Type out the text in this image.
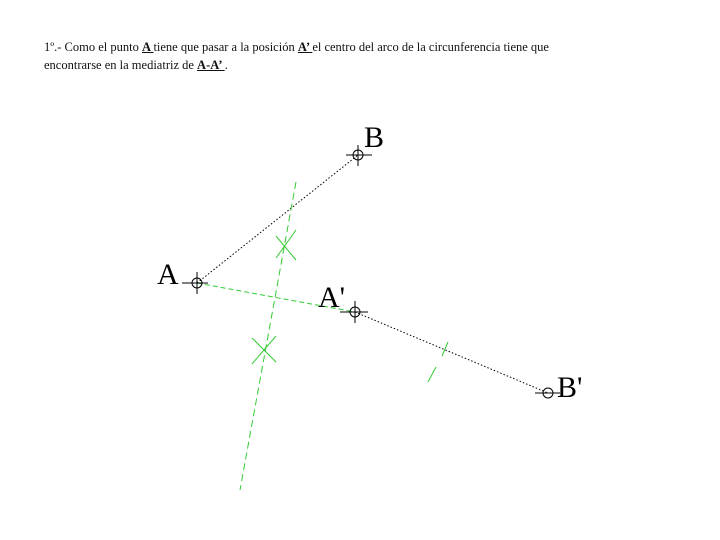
1º.- Como el punto A tiene que pasar a la posición A’ el centro del arco de la circunferencia tiene que
encontrarse en la mediatriz de A-A’ .
B
A
A'
B'
